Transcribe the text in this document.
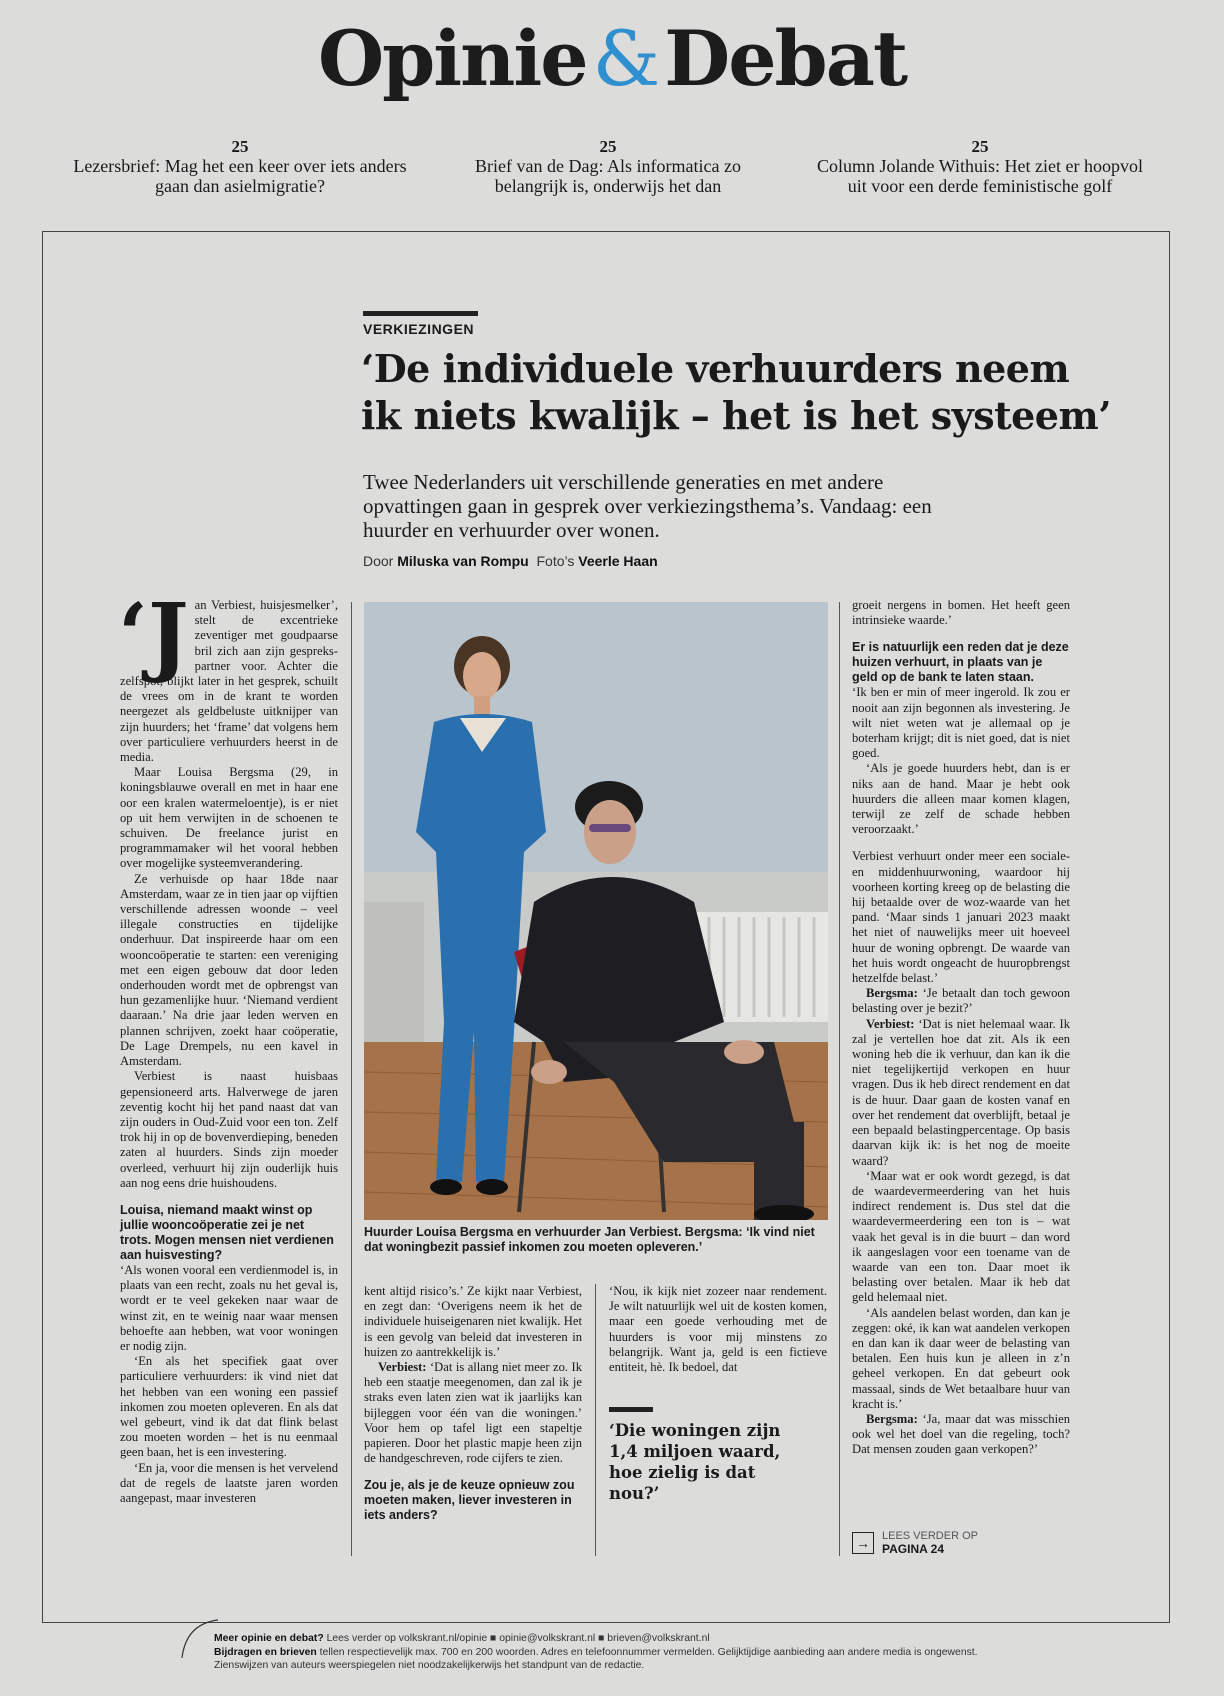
Opinie&Debat
25
Lezersbrief: Mag het een keer over iets anders gaan dan asielmigratie?
25
Brief van de Dag: Als informatica zo belangrijk is, onderwijs het dan
25
Column Jolande Withuis: Het ziet er hoopvol uit voor een derde feministische golf
VERKIEZINGEN
‘De individuele verhuurders neem ik niets kwalijk – het is het systeem’
Twee Nederlanders uit verschillende generaties en met andere opvattingen gaan in gesprek over verkiezingsthema’s. Vandaag: een huurder en verhuurder over wonen.
Door Miluska van Rompu Foto’s Veerle Haan

‘Jan Verbiest, huisjesmelker’, stelt de excentrieke zeventiger met goudpaarse bril zich aan zijn gesprekspartner voor. Achter die zelfspot, blijkt later in het gesprek, schuilt de vrees om in de krant te worden neergezet als geldbeluste uitknijper van zijn huurders; het ‘frame’ dat volgens hem over particuliere verhuurders heerst in de media.

Maar Louisa Bergsma (29, in koningsblauwe overall en met in haar ene oor een kralen watermeloentje), is er niet op uit hem verwijten in de schoenen te schuiven. De freelance jurist en programmamaker wil het vooral hebben over mogelijke systeemverandering.

Ze verhuisde op haar 18de naar Amsterdam, waar ze in tien jaar op vijftien verschillende adressen woonde – veel illegale constructies en tijdelijke onderhuur. Dat inspireerde haar om een wooncoöperatie te starten: een vereniging met een eigen gebouw dat door leden onderhouden wordt met de opbrengst van hun gezamenlijke huur. ‘Niemand verdient daaraan.’ Na drie jaar leden werven en plannen schrijven, zoekt haar coöperatie, De Lage Drempels, nu een kavel in Amsterdam.

Verbiest is naast huisbaas gepensioneerd arts. Halverwege de jaren zeventig kocht hij het pand naast dat van zijn ouders in Oud-Zuid voor een ton. Zelf trok hij in op de bovenverdieping, beneden zaten al huurders. Sinds zijn moeder overleed, verhuurt hij zijn ouderlijk huis aan nog eens drie huishoudens.

Louisa, niemand maakt winst op jullie wooncoöperatie zei je net trots. Mogen mensen niet verdienen aan huisvesting?

‘Als wonen vooral een verdienmodel is, in plaats van een recht, zoals nu het geval is, wordt er te veel gekeken naar waar de winst zit, en te weinig naar waar mensen behoefte aan hebben, wat voor woningen er nodig zijn.

‘En als het specifiek gaat over particuliere verhuurders: ik vind niet dat het hebben van een woning een passief inkomen zou moeten opleveren. En als dat wel gebeurt, vind ik dat dat flink belast zou moeten worden – het is nu eenmaal geen baan, het is een investering.

‘En ja, voor die mensen is het vervelend dat de regels de laatste jaren worden aangepast, maar investeren

Huurder Louisa Bergsma en verhuurder Jan Verbiest. Bergsma: ‘Ik vind niet dat woningbezit passief inkomen zou moeten opleveren.’

kent altijd risico’s.’ Ze kijkt naar Verbiest, en zegt dan: ‘Overigens neem ik het de individuele huiseigenaren niet kwalijk. Het is een gevolg van beleid dat investeren in huizen zo aantrekkelijk is.’

Verbiest: ‘Dat is allang niet meer zo. Ik heb een staatje meegenomen, dan zal ik je straks even laten zien wat ik jaarlijks kan bijleggen voor één van die woningen.’ Voor hem op tafel ligt een stapeltje papieren. Door het plastic mapje heen zijn de handgeschreven, rode cijfers te zien.

Zou je, als je de keuze opnieuw zou moeten maken, liever investeren in iets anders?

‘Nou, ik kijk niet zozeer naar rendement. Je wilt natuurlijk wel uit de kosten komen, maar een goede verhouding met de huurders is voor mij minstens zo belangrijk. Want ja, geld is een fictieve entiteit, hè. Ik bedoel, dat

‘Die woningen zijn 1,4 miljoen waard, hoe zielig is dat nou?’

groeit nergens in bomen. Het heeft geen intrinsieke waarde.’

Er is natuurlijk een reden dat je deze huizen verhuurt, in plaats van je geld op de bank te laten staan.

‘Ik ben er min of meer ingerold. Ik zou er nooit aan zijn begonnen als investering. Je wilt niet weten wat je allemaal op je boterham krijgt; dit is niet goed, dat is niet goed.

‘Als je goede huurders hebt, dan is er niks aan de hand. Maar je hebt ook huurders die alleen maar komen klagen, terwijl ze zelf de schade hebben veroorzaakt.’

Verbiest verhuurt onder meer een sociale- en middenhuurwoning, waardoor hij voorheen korting kreeg op de belasting die hij betaalde over de woz-waarde van het pand. ‘Maar sinds 1 januari 2023 maakt het niet of nauwelijks meer uit hoeveel huur de woning opbrengt. De waarde van het huis wordt ongeacht de huuropbrengst hetzelfde belast.’

Bergsma: ‘Je betaalt dan toch gewoon belasting over je bezit?’

Verbiest: ‘Dat is niet helemaal waar. Ik zal je vertellen hoe dat zit. Als ik een woning heb die ik verhuur, dan kan ik die niet tegelijkertijd verkopen en huur vragen. Dus ik heb direct rendement en dat is de huur. Daar gaan de kosten vanaf en over het rendement dat overblijft, betaal je een bepaald belastingpercentage. Op basis daarvan kijk ik: is het nog de moeite waard?

‘Maar wat er ook wordt gezegd, is dat de waardevermeerdering van het huis indirect rendement is. Dus stel dat die waardevermeerdering een ton is – wat vaak het geval is in die buurt – dan word ik aangeslagen voor een toename van de waarde van een ton. Daar moet ik belasting over betalen. Maar ik heb dat geld helemaal niet.

‘Als aandelen belast worden, dan kan je zeggen: oké, ik kan wat aandelen verkopen en dan kan ik daar weer de belasting van betalen. Een huis kun je alleen in z’n geheel verkopen. En dat gebeurt ook massaal, sinds de Wet betaalbare huur van kracht is.’

Bergsma: ‘Ja, maar dat was misschien ook wel het doel van die regeling, toch? Dat mensen zouden gaan verkopen?’

→	LEES VERDER OP
PAGINA 24
Meer opinie en debat? Lees verder op volkskrant.nl/opinie ■ opinie@volkskrant.nl ■ brieven@volkskrant.nl
Bijdragen en brieven tellen respectievelijk max. 700 en 200 woorden. Adres en telefoonnummer vermelden. Gelijktijdige aanbieding aan andere media is ongewenst.
Zienswijzen van auteurs weerspiegelen niet noodzakelijkerwijs het standpunt van de redactie.
